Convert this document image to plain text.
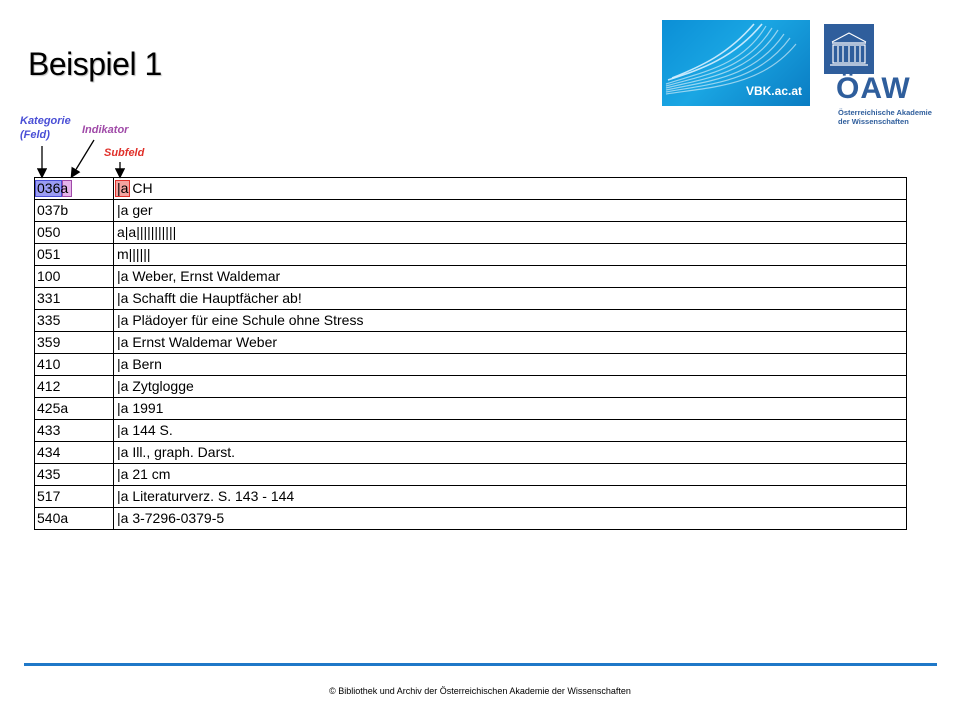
Beispiel 1
VBK.ac.at ÖAW
Österreichische Akademie
der Wissenschaften
Kategorie
(Feld)	Indikator
Subfeld
036a	|a CH
037b	|a ger
050	a|a|||||||||||
051	m||||||
100	|a Weber, Ernst Waldemar
331	|a Schafft die Hauptfächer ab!
335	|a Plädoyer für eine Schule ohne Stress
359	|a Ernst Waldemar Weber
410	|a Bern
412	|a Zytglogge
425a	|a 1991
433	|a 144 S.
434	|a Ill., graph. Darst.
435	|a 21 cm
517	|a Literaturverz. S. 143 - 144
540a	|a 3-7296-0379-5
© Bibliothek und Archiv der Österreichischen Akademie der Wissenschaften
